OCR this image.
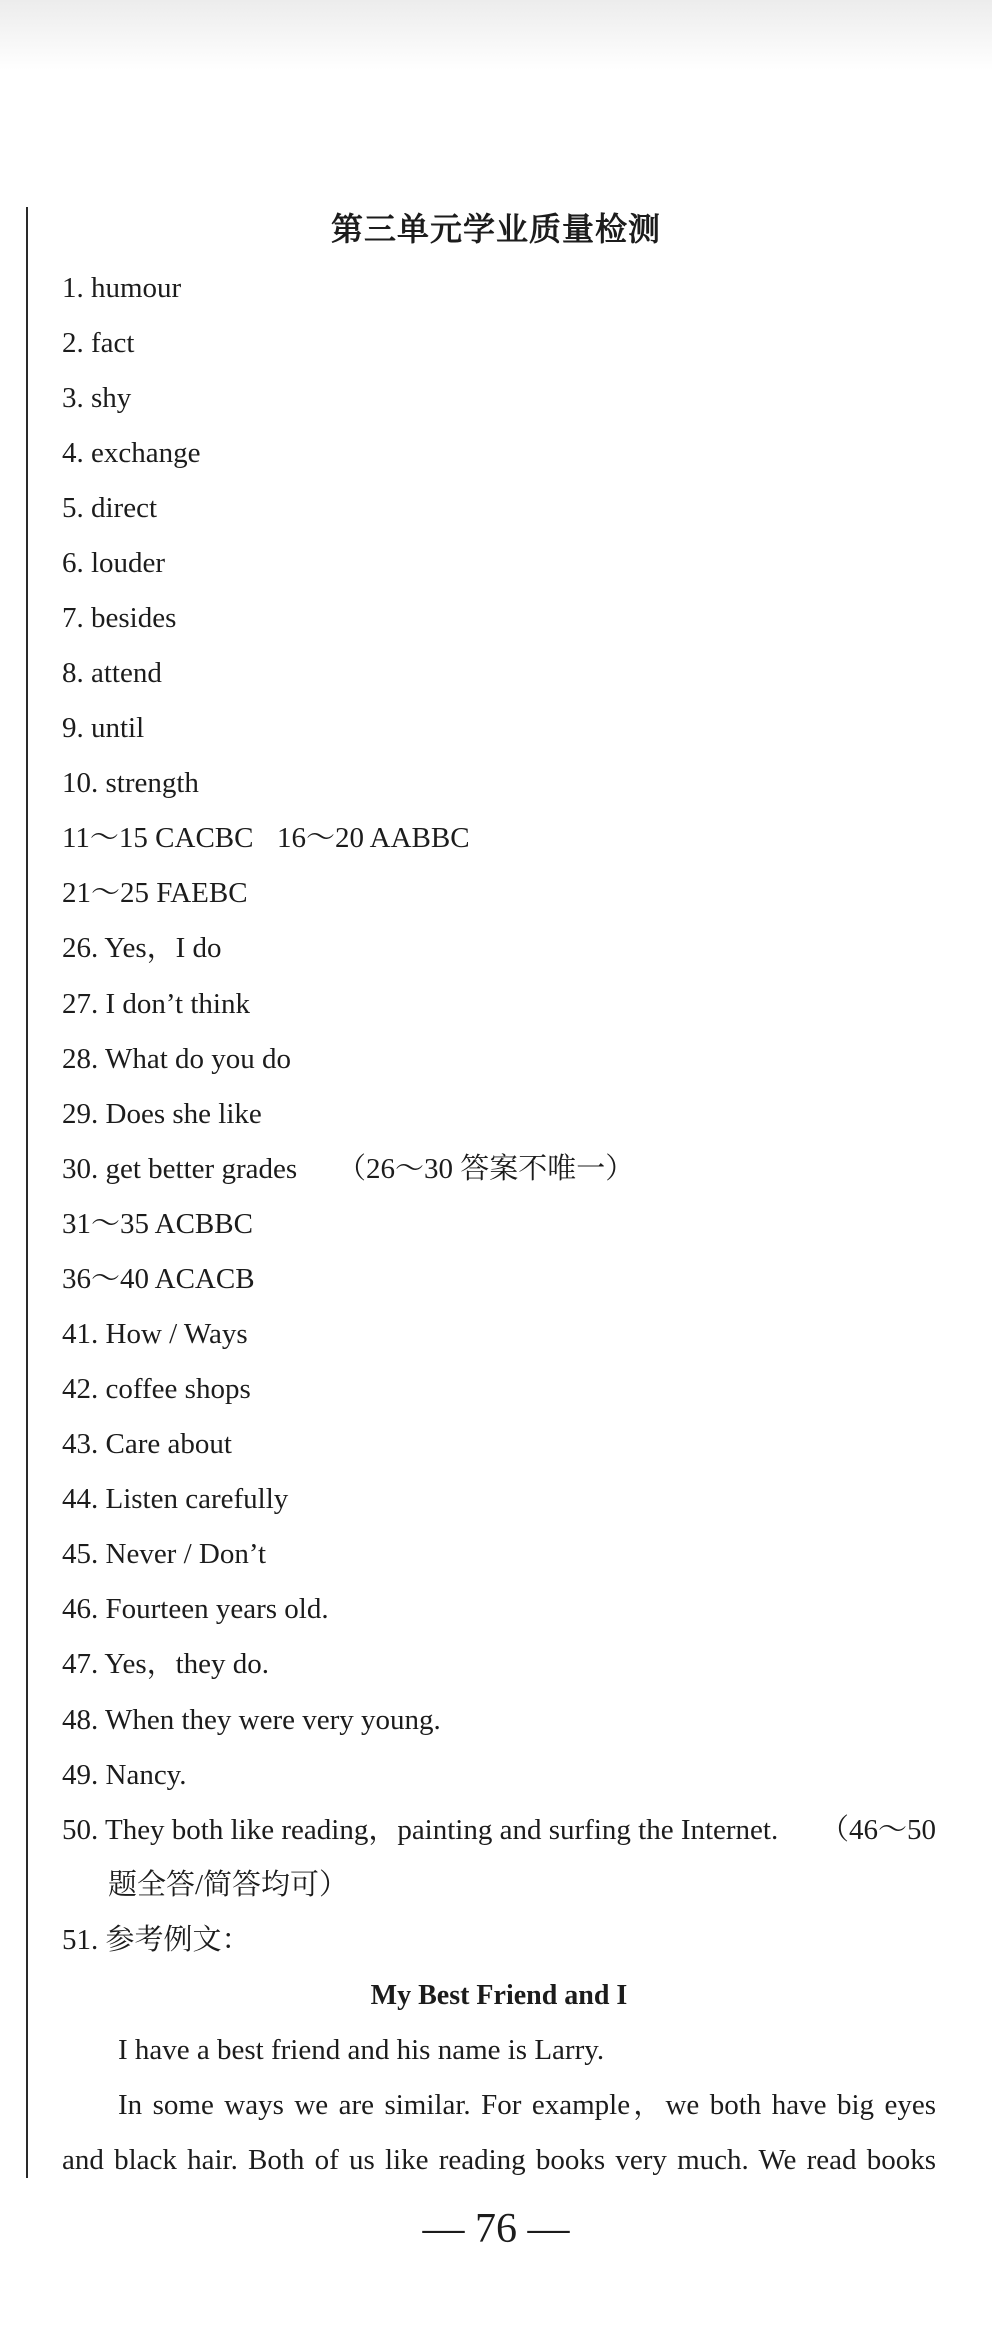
第三单元学业质量检测
1. humour
2. fact
3. shy
4. exchange
5. direct
6. louder
7. besides
8. attend
9. until
10. strength
11～15 CACBC 16～20 AABBC
21～25 FAEBC
26. Yes，I do
27. I don’t think
28. What do you do
29. Does she like
30. get better grades （26～30 答案不唯一）
31～35 ACBBC
36～40 ACACB
41. How / Ways
42. coffee shops
43. Care about
44. Listen carefully
45. Never / Don’t
46. Fourteen years old.
47. Yes，they do.
48. When they were very young.
49. Nancy.
50. They both like reading，painting and surfing the Internet. （46～50
题全答/简答均可）
51. 参考例文：
My Best Friend and I
I have a best friend and his name is Larry.
In some ways we are similar. For example，we both have big eyes
and black hair. Both of us like reading books very much. We read books
— 76 —
